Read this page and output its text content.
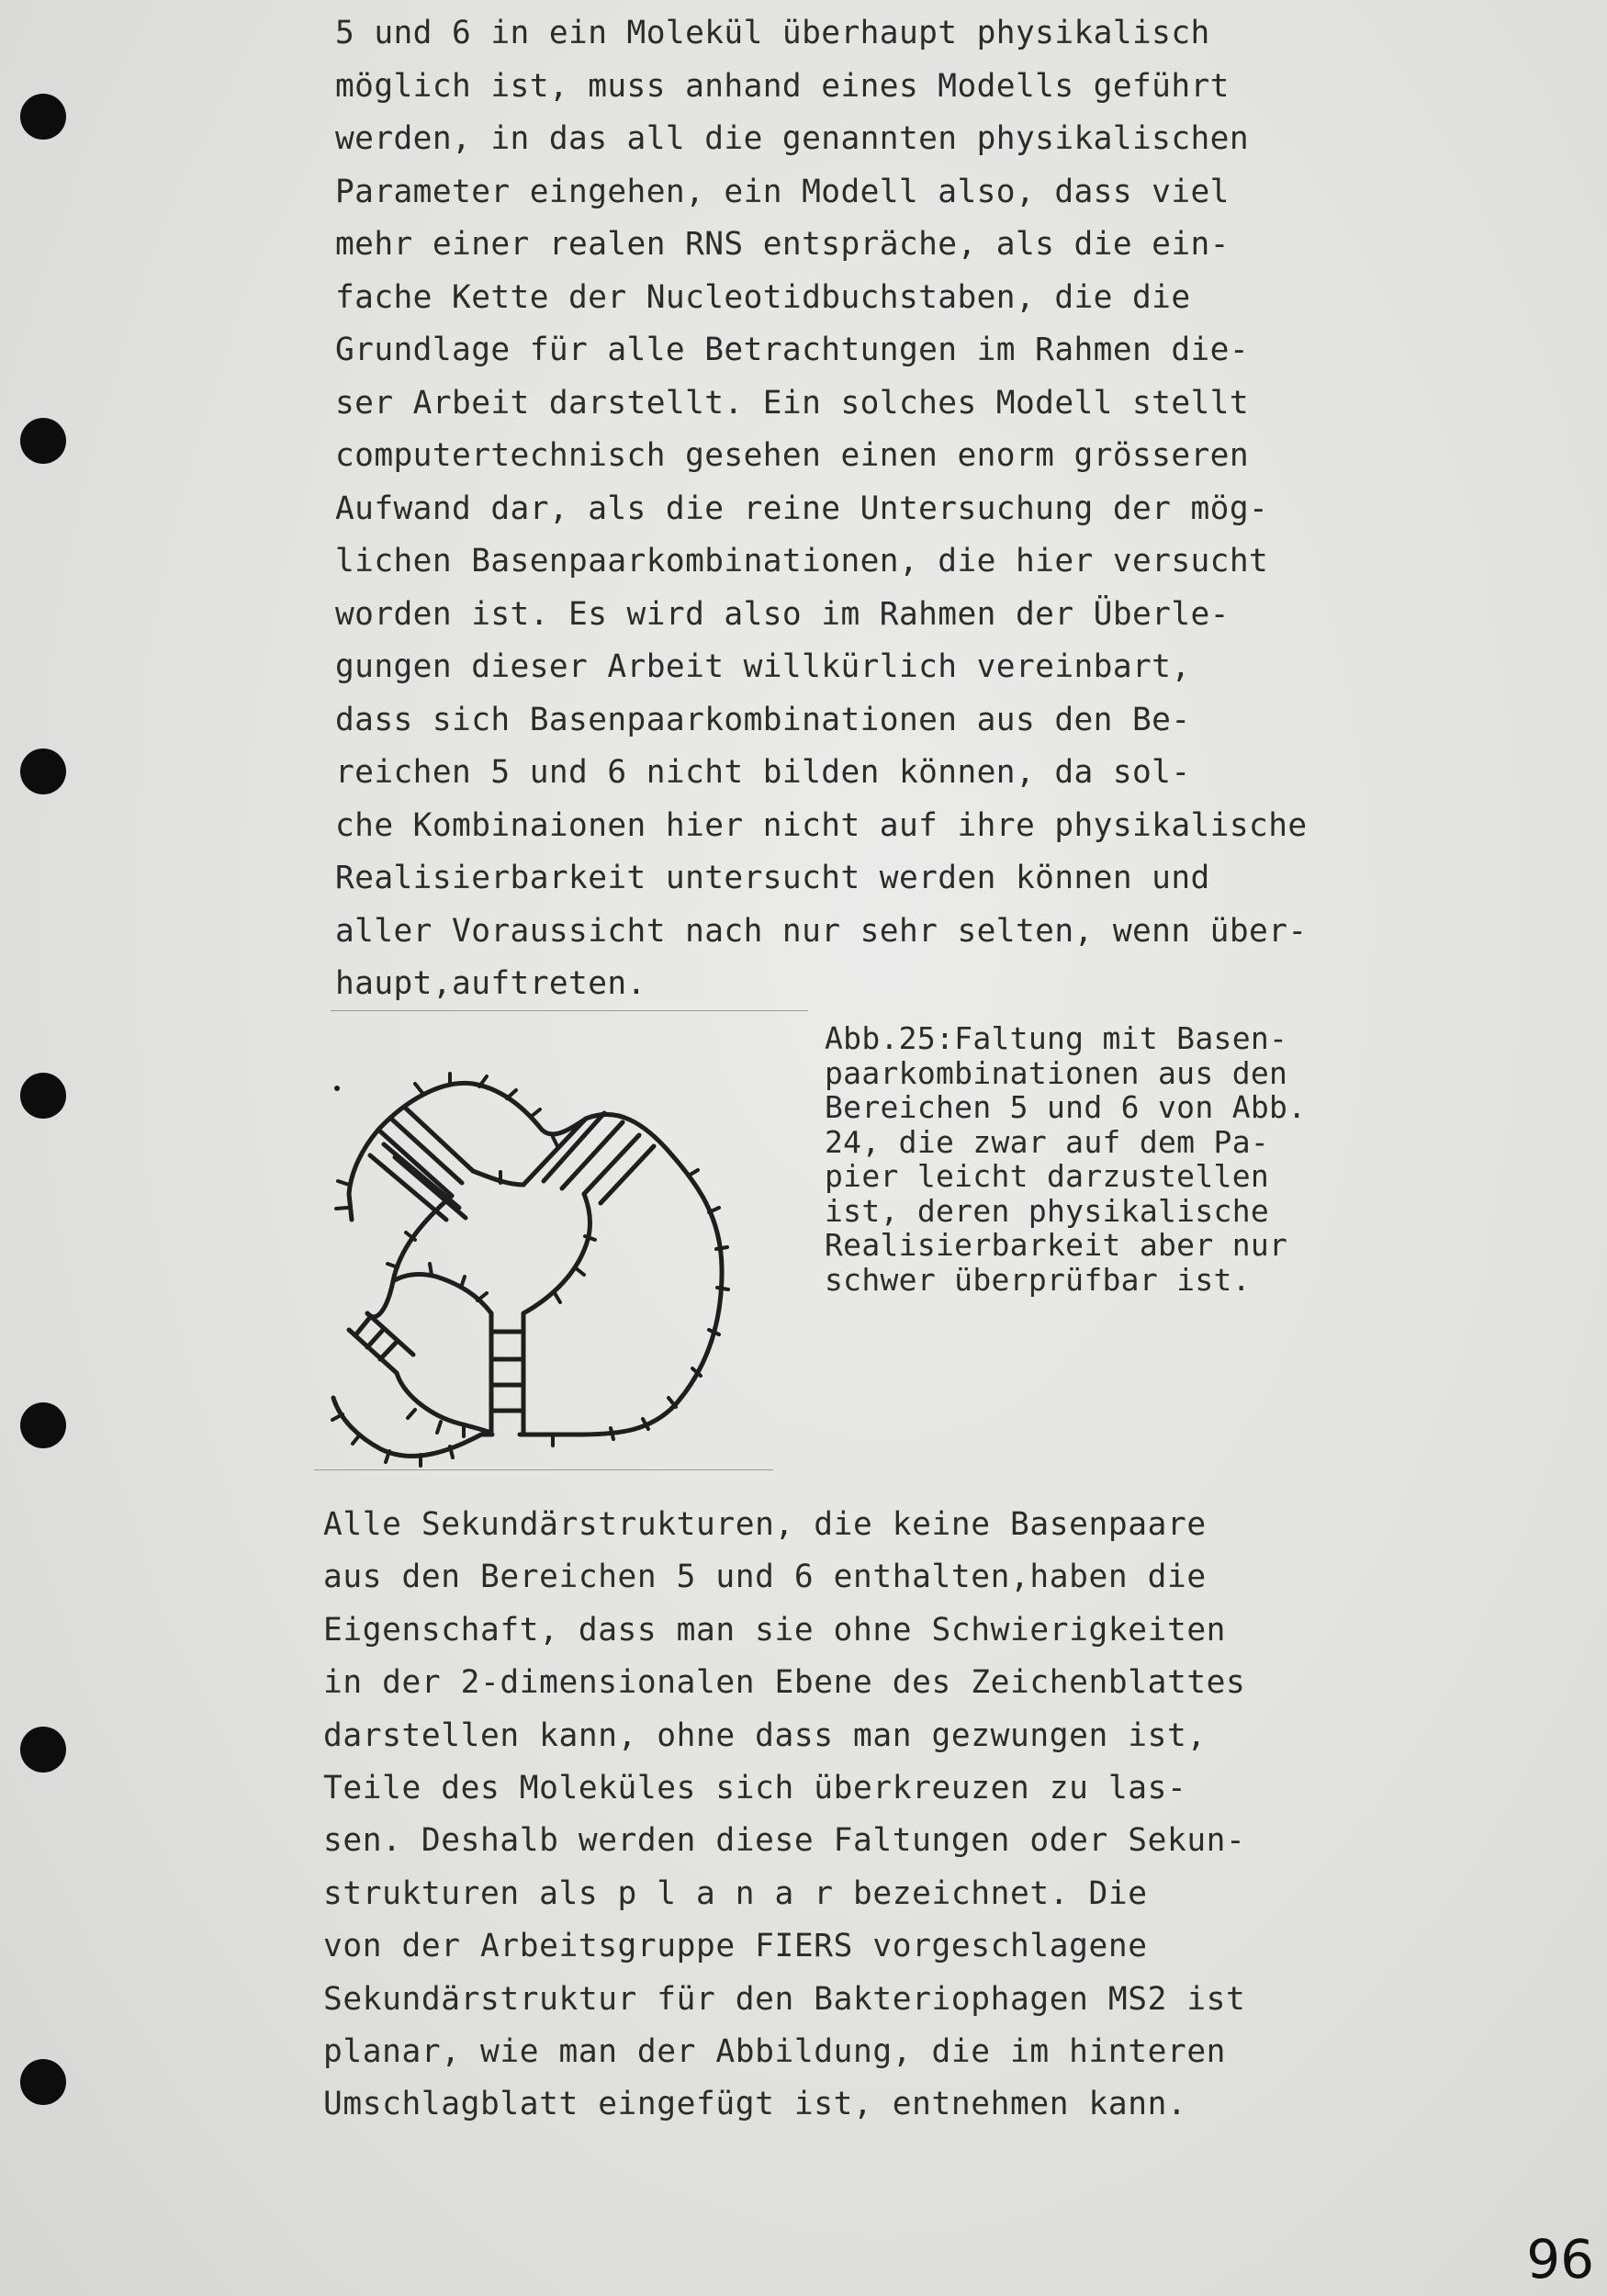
5 und 6 in ein Molekül überhaupt physikalisch
möglich ist, muss anhand eines Modells geführt
werden, in das all die genannten physikalischen
Parameter eingehen, ein Modell also, dass viel
mehr einer realen RNS entspräche, als die ein-
fache Kette der Nucleotidbuchstaben, die die
Grundlage für alle Betrachtungen im Rahmen die-
ser Arbeit darstellt. Ein solches Modell stellt
computertechnisch gesehen einen enorm grösseren
Aufwand dar, als die reine Untersuchung der mög-
lichen Basenpaarkombinationen, die hier versucht
worden ist. Es wird also im Rahmen der Überle-
gungen dieser Arbeit willkürlich vereinbart,
dass sich Basenpaarkombinationen aus den Be-
reichen 5 und 6 nicht bilden können, da sol-
che Kombinaionen hier nicht auf ihre physikalische
Realisierbarkeit untersucht werden können und
aller Voraussicht nach nur sehr selten, wenn über-
haupt,auftreten.
Abb.25:Faltung mit Basen-
paarkombinationen aus den
Bereichen 5 und 6 von Abb.
24, die zwar auf dem Pa-
pier leicht darzustellen
ist, deren physikalische
Realisierbarkeit aber nur
schwer überprüfbar ist.
Alle Sekundärstrukturen, die keine Basenpaare
aus den Bereichen 5 und 6 enthalten,haben die
Eigenschaft, dass man sie ohne Schwierigkeiten
in der 2-dimensionalen Ebene des Zeichenblattes
darstellen kann, ohne dass man gezwungen ist,
Teile des Moleküles sich überkreuzen zu las-
sen. Deshalb werden diese Faltungen oder Sekun-
strukturen als p l a n a r bezeichnet. Die
von der Arbeitsgruppe FIERS vorgeschlagene
Sekundärstruktur für den Bakteriophagen MS2 ist
planar, wie man der Abbildung, die im hinteren
Umschlagblatt eingefügt ist, entnehmen kann.
96
